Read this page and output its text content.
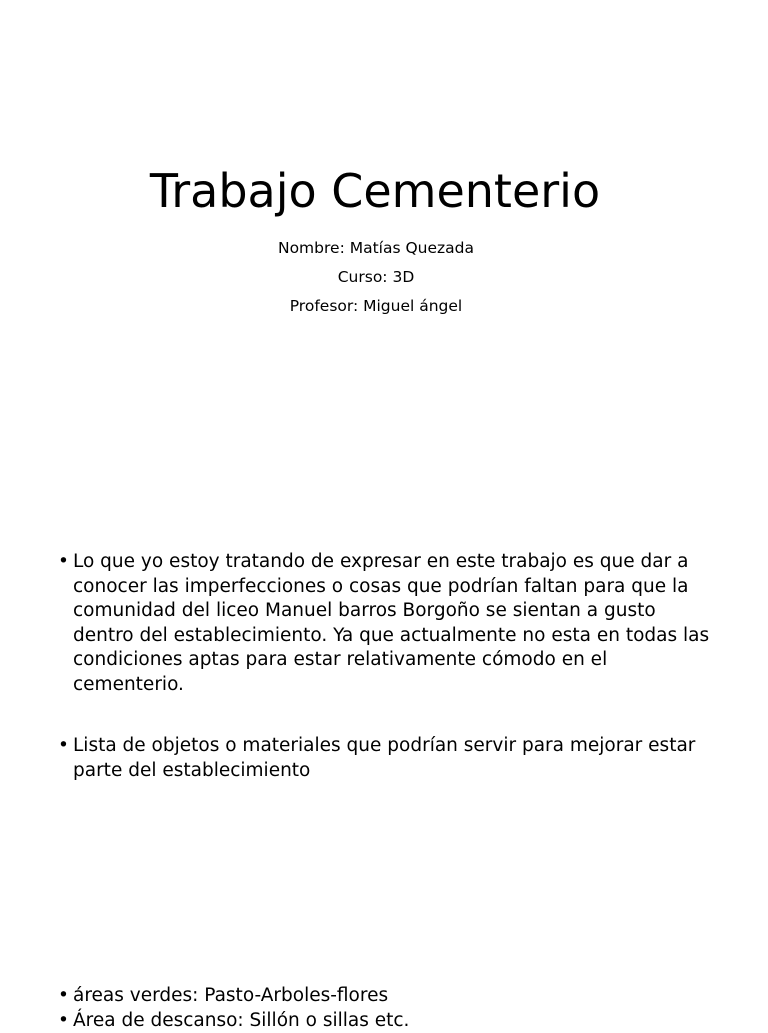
Trabajo Cementerio
Nombre: Matías Quezada
Curso: 3D
Profesor: Miguel ángel
• Lo que yo estoy tratando de expresar en este trabajo es que dar a conocer las imperfecciones o cosas que podrían faltan para que la comunidad del liceo Manuel barros Borgoño se sientan a gusto dentro del establecimiento. Ya que actualmente no esta en todas las condiciones aptas para estar relativamente cómodo en el cementerio.
• Lista de objetos o materiales que podrían servir para mejorar estar parte del establecimiento
• áreas verdes: Pasto-Arboles-flores
• Área de descanso: Sillón o sillas etc.
